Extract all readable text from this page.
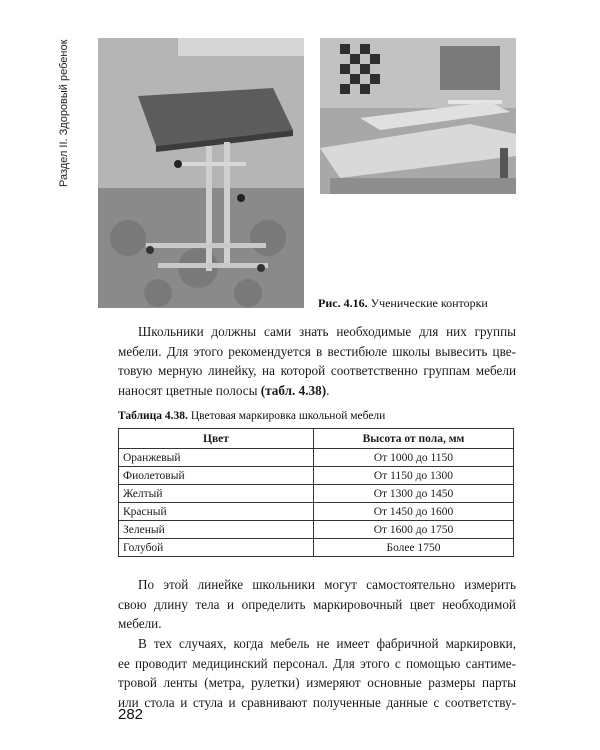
Раздел II. Здоровый ребенок
Рис. 4.16. Ученические конторки
Школьники должны сами знать необходимые для них группы
мебели. Для этого рекомендуется в вестибюле школы вывесить цве-
товую мерную линейку, на которой соответственно группам мебели
наносят цветные полосы (табл. 4.38).
Таблица 4.38. Цветовая маркировка школьной мебели
Цвет	Высота от пола, мм
Оранжевый	От 1000 до 1150
Фиолетовый	От 1150 до 1300
Желтый	От 1300 до 1450
Красный	От 1450 до 1600
Зеленый	От 1600 до 1750
Голубой	Более 1750
По этой линейке школьники могут самостоятельно измерить
свою длину тела и определить маркировочный цвет необходимой
мебели.
В тех случаях, когда мебель не имеет фабричной маркировки,
ее проводит медицинский персонал. Для этого с помощью сантиме-
тровой ленты (метра, рулетки) измеряют основные размеры парты
или стола и стула и сравнивают полученные данные с соответству-
282
